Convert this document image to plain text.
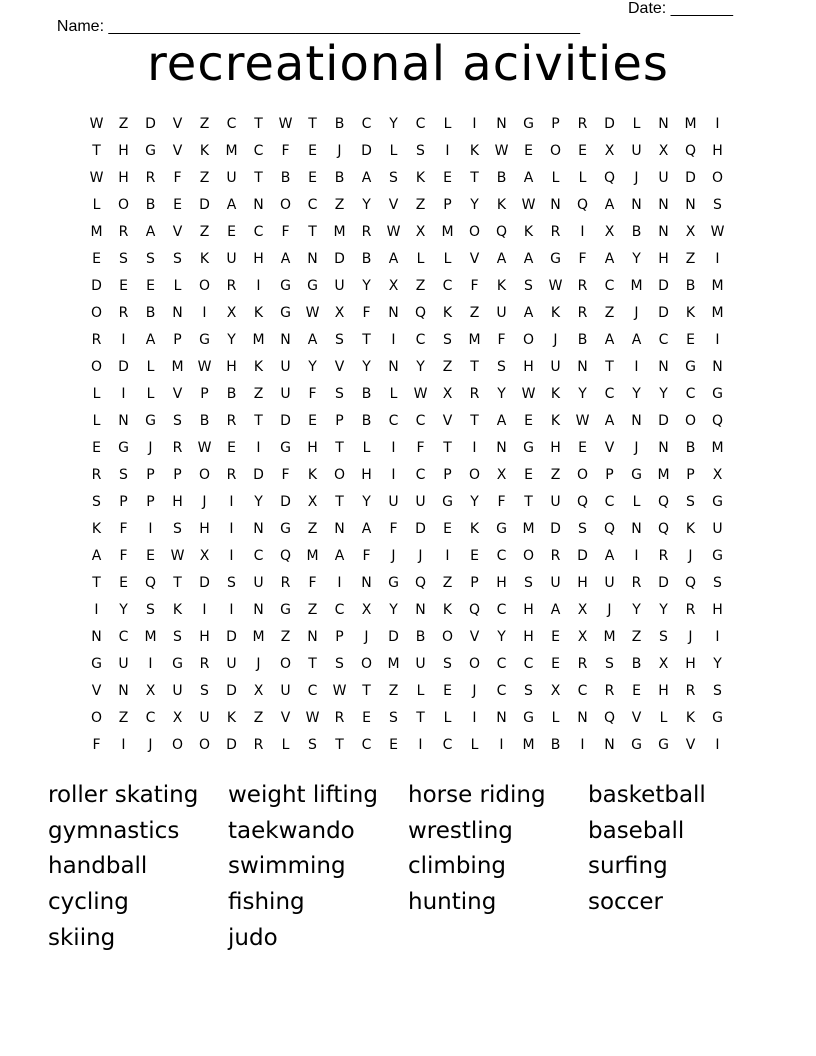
Name: _____________________________________________________

Date: _______

recreational acivities
W	Z	D	V	Z	C	T	W	T	B	C	Y	C	L	I	N	G	P	R	D	L	N	M	I
T	H	G	V	K	M	C	F	E	J	D	L	S	I	K	W	E	O	E	X	U	X	Q	H
W	H	R	F	Z	U	T	B	E	B	A	S	K	E	T	B	A	L	L	Q	J	U	D	O
L	O	B	E	D	A	N	O	C	Z	Y	V	Z	P	Y	K	W	N	Q	A	N	N	N	S
M	R	A	V	Z	E	C	F	T	M	R	W	X	M	O	Q	K	R	I	X	B	N	X	W
E	S	S	S	K	U	H	A	N	D	B	A	L	L	V	A	A	G	F	A	Y	H	Z	I
D	E	E	L	O	R	I	G	G	U	Y	X	Z	C	F	K	S	W	R	C	M	D	B	M
O	R	B	N	I	X	K	G	W	X	F	N	Q	K	Z	U	A	K	R	Z	J	D	K	M
R	I	A	P	G	Y	M	N	A	S	T	I	C	S	M	F	O	J	B	A	A	C	E	I
O	D	L	M	W	H	K	U	Y	V	Y	N	Y	Z	T	S	H	U	N	T	I	N	G	N
L	I	L	V	P	B	Z	U	F	S	B	L	W	X	R	Y	W	K	Y	C	Y	Y	C	G
L	N	G	S	B	R	T	D	E	P	B	C	C	V	T	A	E	K	W	A	N	D	O	Q
E	G	J	R	W	E	I	G	H	T	L	I	F	T	I	N	G	H	E	V	J	N	B	M
R	S	P	P	O	R	D	F	K	O	H	I	C	P	O	X	E	Z	O	P	G	M	P	X
S	P	P	H	J	I	Y	D	X	T	Y	U	U	G	Y	F	T	U	Q	C	L	Q	S	G
K	F	I	S	H	I	N	G	Z	N	A	F	D	E	K	G	M	D	S	Q	N	Q	K	U
A	F	E	W	X	I	C	Q	M	A	F	J	J	I	E	C	O	R	D	A	I	R	J	G
T	E	Q	T	D	S	U	R	F	I	N	G	Q	Z	P	H	S	U	H	U	R	D	Q	S
I	Y	S	K	I	I	N	G	Z	C	X	Y	N	K	Q	C	H	A	X	J	Y	Y	R	H
N	C	M	S	H	D	M	Z	N	P	J	D	B	O	V	Y	H	E	X	M	Z	S	J	I
G	U	I	G	R	U	J	O	T	S	O	M	U	S	O	C	C	E	R	S	B	X	H	Y
V	N	X	U	S	D	X	U	C	W	T	Z	L	E	J	C	S	X	C	R	E	H	R	S
O	Z	C	X	U	K	Z	V	W	R	E	S	T	L	I	N	G	L	N	Q	V	L	K	G
F	I	J	O	O	D	R	L	S	T	C	E	I	C	L	I	M	B	I	N	G	G	V	I
roller skating	weight lifting	horse riding	basketball
gymnastics	taekwando	wrestling	baseball
handball	swimming	climbing	surfing
cycling	fishing	hunting	soccer
skiing	judo
